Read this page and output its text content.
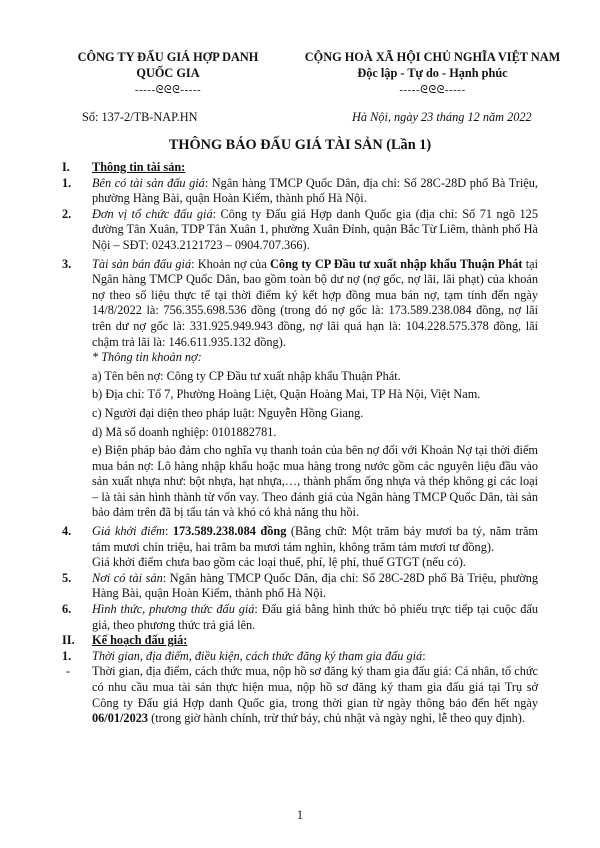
CÔNG TY ĐẤU GIÁ HỢP DANH
QUỐC GIA
-----ᘓᘓᘓ-----
CỘNG HOÀ XÃ HỘI CHỦ NGHĨA VIỆT NAM
Độc lập - Tự do - Hạnh phúc
-----ᘓᘓᘓ-----
Số: 137-2/TB-NAP.HN	Hà Nội, ngày 23 tháng 12 năm 2022
THÔNG BÁO ĐẤU GIÁ TÀI SẢN (Lần 1)
I.	Thông tin tài sản:
1.	Bên có tài sản đấu giá: Ngân hàng TMCP Quốc Dân, địa chỉ: Số 28C-28D phố Bà Triệu, phường Hàng Bài, quận Hoàn Kiếm, thành phố Hà Nội.
2.	Đơn vị tổ chức đấu giá: Công ty Đấu giá Hợp danh Quốc gia (địa chỉ: Số 71 ngõ 125 đường Tân Xuân, TDP Tân Xuân 1, phường Xuân Đỉnh, quận Bắc Từ Liêm, thành phố Hà Nội – SĐT: 0243.2121723 – 0904.707.366).
3.	Tài sản bán đấu giá: Khoản nợ của Công ty CP Đầu tư xuất nhập khẩu Thuận Phát tại Ngân hàng TMCP Quốc Dân, bao gồm toàn bộ dư nợ (nợ gốc, nợ lãi, lãi phạt) của khoản nợ theo số liệu thực tế tại thời điểm ký kết hợp đồng mua bán nợ, tạm tính đến ngày 14/8/2022 là: 756.355.698.536 đồng (trong đó nợ gốc là: 173.589.238.084 đồng, nợ lãi trên dư nợ gốc là: 331.925.949.943 đồng, nợ lãi quá hạn là: 104.228.575.378 đồng, lãi chậm trả lãi là: 146.611.935.132 đồng).
* Thông tin khoản nợ:
a) Tên bên nợ: Công ty CP Đầu tư xuất nhập khẩu Thuận Phát.
b) Địa chỉ: Tổ 7, Phường Hoàng Liệt, Quận Hoàng Mai, TP Hà Nội, Việt Nam.
c) Người đại diện theo pháp luật: Nguyễn Hồng Giang.
d) Mã số doanh nghiệp: 0101882781.
e) Biện pháp bảo đảm cho nghĩa vụ thanh toán của bên nợ đối với Khoản Nợ tại thời điểm mua bán nợ: Lô hàng nhập khẩu hoặc mua hàng trong nước gồm các nguyên liệu đầu vào sản xuất nhựa như: bột nhựa, hạt nhựa,…, thành phẩm ống nhựa và thép không gỉ các loại – là tài sản hình thành từ vốn vay. Theo đánh giá của Ngân hàng TMCP Quốc Dân, tài sản bảo đảm trên đã bị tẩu tán và khó có khả năng thu hồi.
4.	Giá khởi điểm: 173.589.238.084 đồng (Bằng chữ: Một trăm bảy mươi ba tỷ, năm trăm tám mươi chín triệu, hai trăm ba mươi tám nghìn, không trăm tám mươi tư đồng).
Giá khởi điểm chưa bao gồm các loại thuế, phí, lệ phí, thuế GTGT (nếu có).
5.	Nơi có tài sản: Ngân hàng TMCP Quốc Dân, địa chỉ: Số 28C-28D phố Bà Triệu, phường Hàng Bài, quận Hoàn Kiếm, thành phố Hà Nội.
6.	Hình thức, phương thức đấu giá: Đấu giá bằng hình thức bỏ phiếu trực tiếp tại cuộc đấu giá, theo phương thức trả giá lên.
II.	Kế hoạch đấu giá:
1.	Thời gian, địa điểm, điều kiện, cách thức đăng ký tham gia đấu giá:
-	Thời gian, địa điểm, cách thức mua, nộp hồ sơ đăng ký tham gia đấu giá: Cá nhân, tổ chức có nhu cầu mua tài sản thực hiện mua, nộp hồ sơ đăng ký tham gia đấu giá tại Trụ sở Công ty Đấu giá Hợp danh Quốc gia, trong thời gian từ ngày thông báo đến hết ngày 06/01/2023 (trong giờ hành chính, trừ thứ bảy, chủ nhật và ngày nghỉ, lễ theo quy định).
1
